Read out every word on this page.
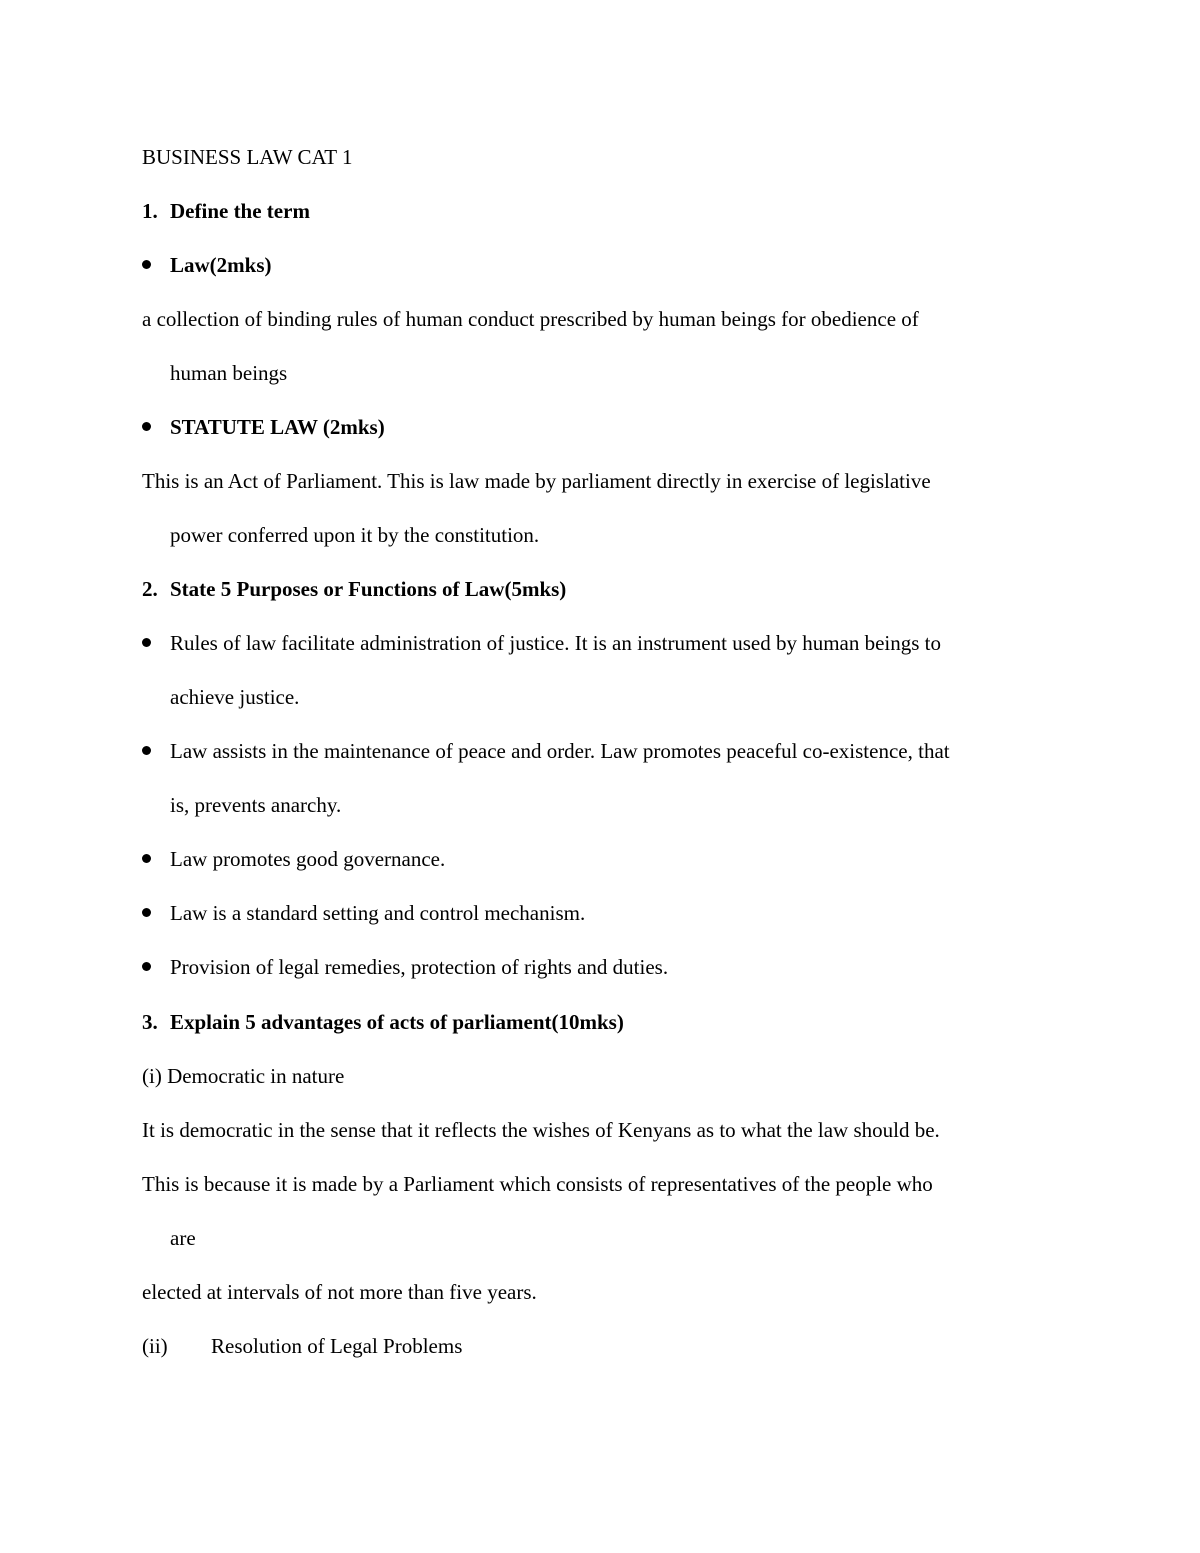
BUSINESS LAW CAT 1
1. Define the term
Law(2mks)
a collection of binding rules of human conduct prescribed by human beings for obedience of
human beings
STATUTE LAW (2mks)
This is an Act of Parliament. This is law made by parliament directly in exercise of legislative
power conferred upon it by the constitution.
2. State 5 Purposes or Functions of Law(5mks)
Rules of law facilitate administration of justice. It is an instrument used by human beings to
achieve justice.
Law assists in the maintenance of peace and order. Law promotes peaceful co-existence, that
is, prevents anarchy.
Law promotes good governance.
Law is a standard setting and control mechanism.
Provision of legal remedies, protection of rights and duties.
3. Explain 5 advantages of acts of parliament(10mks)
(i) Democratic in nature
It is democratic in the sense that it reflects the wishes of Kenyans as to what the law should be.
This is because it is made by a Parliament which consists of representatives of the people who
are
elected at intervals of not more than five years.
(ii) Resolution of Legal Problems
